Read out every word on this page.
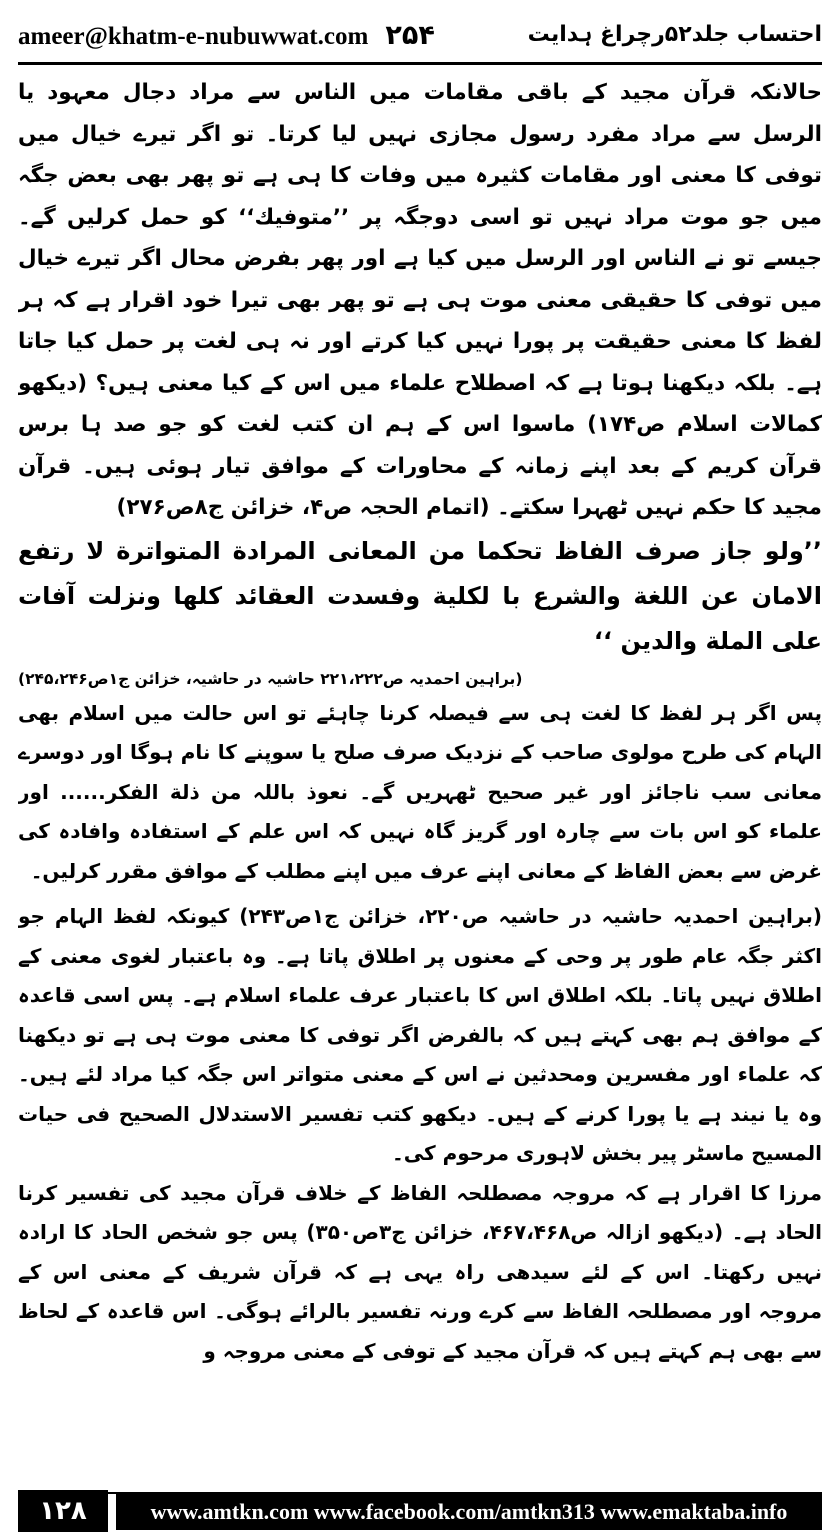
ameer@khatm-e-nubuwwat.com ۲۵۴	احتساب جلد۵۲رچراغ ہدایت

حالانکہ قرآن مجید کے باقی مقامات میں الناس سے مراد دجال معہود یا الرسل سے مراد مفرد رسول مجازی نہیں لیا کرتا۔ تو اگر تیرے خیال میں توفی کا معنی اور مقامات کثیرہ میں وفات کا ہی ہے تو پھر بھی بعض جگہ میں جو موت مراد نہیں تو اسی دوجگہ پر ’’متوفیك‘‘ کو حمل کرلیں گے۔ جیسے تو نے الناس اور الرسل میں کیا ہے اور پھر بفرض محال اگر تیرے خیال میں توفی کا حقیقی معنی موت ہی ہے تو پھر بھی تیرا خود اقرار ہے کہ ہر لفظ کا معنی حقیقت پر پورا نہیں کیا کرتے اور نہ ہی لغت پر حمل کیا جاتا ہے۔ بلکہ دیکھنا ہوتا ہے کہ اصطلاح علماء میں اس کے کیا معنی ہیں؟ (دیکھو کمالات اسلام ص۱۷۴) ماسوا اس کے ہم ان کتب لغت کو جو صد ہا برس قرآن کریم کے بعد اپنے زمانہ کے محاورات کے موافق تیار ہوئی ہیں۔ قرآن مجید کا حکم نہیں ٹھہرا سکتے۔ (اتمام الحجہ ص۴، خزائن ج۸ص۲۷۶)

’’ولو جاز صرف الفاظ تحكما من المعانی المرادة المتواترة لا رتفع الامان عن اللغة والشرع با لكلية وفسدت العقائد كلها ونزلت آفات علی الملة والدین ‘‘

(براہین احمدیہ ص۲۲۱،۲۲۲ حاشیہ در حاشیہ، خزائن ج۱ص۲۴۵،۲۴۶)

پس اگر ہر لفظ کا لغت ہی سے فیصلہ کرنا چاہئے تو اس حالت میں اسلام بھی الہام کی طرح مولوی صاحب کے نزدیک صرف صلح یا سوپنے کا نام ہوگا اور دوسرے معانی سب ناجائز اور غیر صحیح ٹھہریں گے۔ نعوذ باللہ من ذلة الفکر...... اور علماء کو اس بات سے چارہ اور گریز گاہ نہیں کہ اس علم کے استفادہ وافادہ کی غرض سے بعض الفاظ کے معانی اپنے عرف میں اپنے مطلب کے موافق مقرر کرلیں۔

(براہین احمدیہ حاشیہ در حاشیہ ص۲۲۰، خزائن ج۱ص۲۴۳) کیونکہ لفظ الہام جو اکثر جگہ عام طور پر وحی کے معنوں پر اطلاق پاتا ہے۔ وہ باعتبار لغوی معنی کے اطلاق نہیں پاتا۔ بلکہ اطلاق اس کا باعتبار عرف علماء اسلام ہے۔ پس اسی قاعدہ کے موافق ہم بھی کہتے ہیں کہ بالفرض اگر توفی کا معنی موت ہی ہے تو دیکھنا کہ علماء اور مفسرین ومحدثین نے اس کے معنی متواتر اس جگہ کیا مراد لئے ہیں۔ وہ یا نیند ہے یا پورا کرنے کے ہیں۔ دیکھو کتب تفسیر الاستدلال الصحیح فی حیات المسیح ماسٹر پیر بخش لاہوری مرحوم کی۔

مرزا کا اقرار ہے کہ مروجہ مصطلحہ الفاظ کے خلاف قرآن مجید کی تفسیر کرنا الحاد ہے۔ (دیکھو ازالہ ص۴۶۷،۴۶۸، خزائن ج۳ص۳۵۰) پس جو شخص الحاد کا ارادہ نہیں رکھتا۔ اس کے لئے سیدھی راہ یہی ہے کہ قرآن شریف کے معنی اس کے مروجہ اور مصطلحہ الفاظ سے کرے ورنہ تفسیر بالرائے ہوگی۔ اس قاعدہ کے لحاظ سے بھی ہم کہتے ہیں کہ قرآن مجید کے توفی کے معنی مروجہ و

۱۲۸	www.amtkn.com www.facebook.com/amtkn313 www.emaktaba.info
